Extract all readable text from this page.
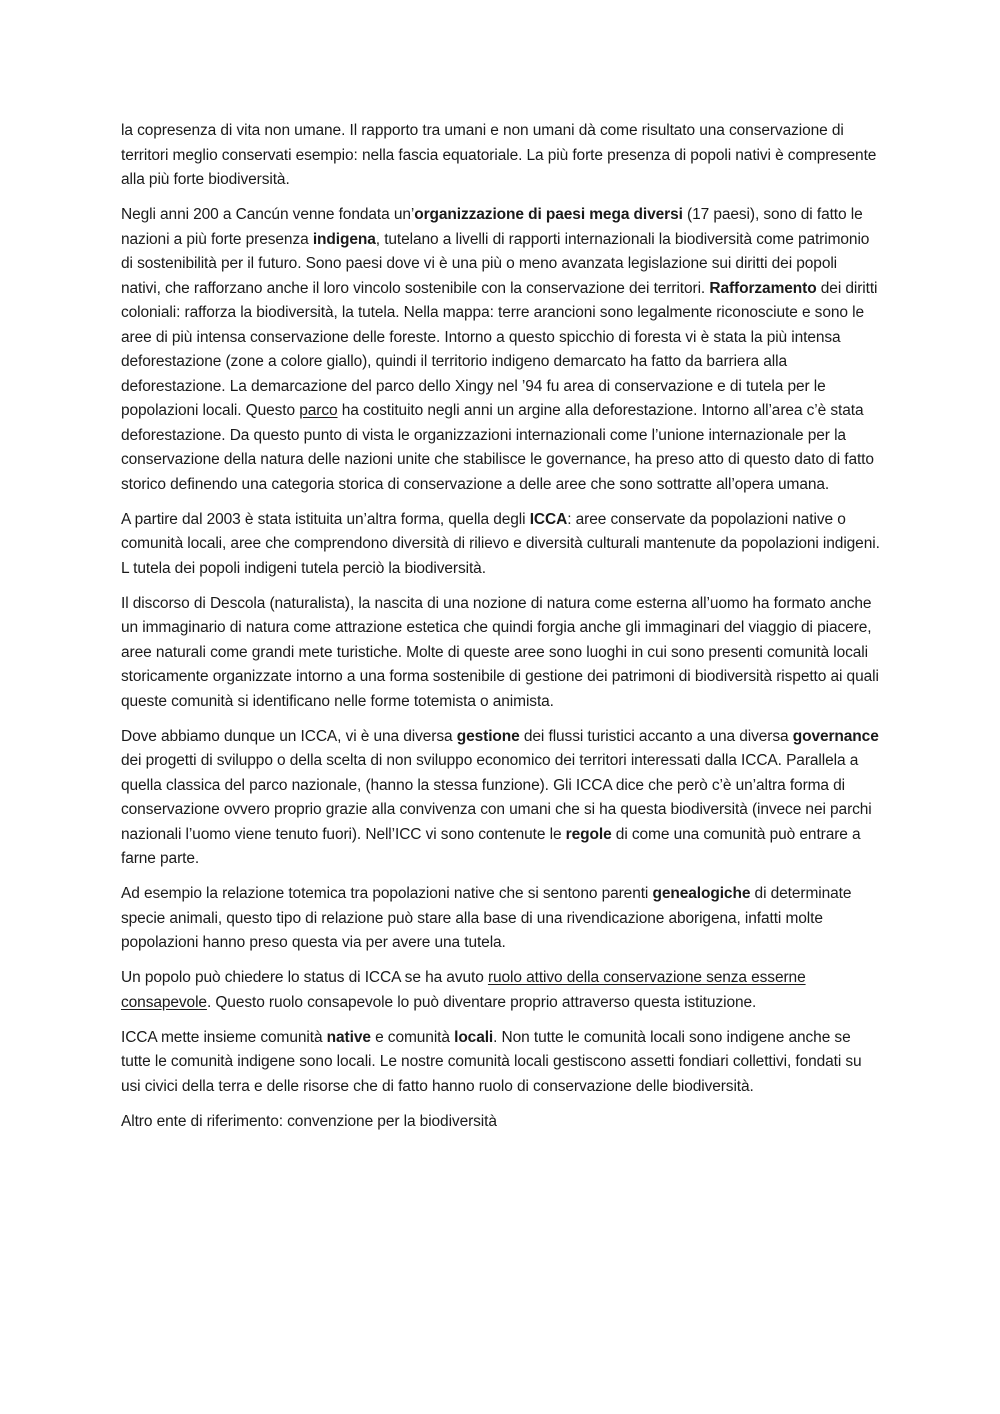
la copresenza di vita non umane. Il rapporto tra umani e non umani dà come risultato una conservazione di territori meglio conservati esempio: nella fascia equatoriale. La più forte presenza di popoli nativi è compresente alla più forte biodiversità.

Negli anni 200 a Cancún venne fondata un’organizzazione di paesi mega diversi (17 paesi), sono di fatto le nazioni a più forte presenza indigena, tutelano a livelli di rapporti internazionali la biodiversità come patrimonio di sostenibilità per il futuro. Sono paesi dove vi è una più o meno avanzata legislazione sui diritti dei popoli nativi, che rafforzano anche il loro vincolo sostenibile con la conservazione dei territori. Rafforzamento dei diritti coloniali: rafforza la biodiversità, la tutela. Nella mappa: terre arancioni sono legalmente riconosciute e sono le aree di più intensa conservazione delle foreste. Intorno a questo spicchio di foresta vi è stata la più intensa deforestazione (zone a colore giallo), quindi il territorio indigeno demarcato ha fatto da barriera alla deforestazione. La demarcazione del parco dello Xingy nel ’94 fu area di conservazione e di tutela per le popolazioni locali. Questo parco ha costituito negli anni un argine alla deforestazione. Intorno all’area c’è stata deforestazione. Da questo punto di vista le organizzazioni internazionali come l’unione internazionale per la conservazione della natura delle nazioni unite che stabilisce le governance, ha preso atto di questo dato di fatto storico definendo una categoria storica di conservazione a delle aree che sono sottratte all’opera umana.

A partire dal 2003 è stata istituita un’altra forma, quella degli ICCA: aree conservate da popolazioni native o comunità locali, aree che comprendono diversità di rilievo e diversità culturali mantenute da popolazioni indigeni. L tutela dei popoli indigeni tutela perciò la biodiversità.

Il discorso di Descola (naturalista), la nascita di una nozione di natura come esterna all’uomo ha formato anche un immaginario di natura come attrazione estetica che quindi forgia anche gli immaginari del viaggio di piacere, aree naturali come grandi mete turistiche. Molte di queste aree sono luoghi in cui sono presenti comunità locali storicamente organizzate intorno a una forma sostenibile di gestione dei patrimoni di biodiversità rispetto ai quali queste comunità si identificano nelle forme totemista o animista.

Dove abbiamo dunque un ICCA, vi è una diversa gestione dei flussi turistici accanto a una diversa governance dei progetti di sviluppo o della scelta di non sviluppo economico dei territori interessati dalla ICCA. Parallela a quella classica del parco nazionale, (hanno la stessa funzione). Gli ICCA dice che però c’è un’altra forma di conservazione ovvero proprio grazie alla convivenza con umani che si ha questa biodiversità (invece nei parchi nazionali l’uomo viene tenuto fuori). Nell’ICC vi sono contenute le regole di come una comunità può entrare a farne parte.

Ad esempio la relazione totemica tra popolazioni native che si sentono parenti genealogiche di determinate specie animali, questo tipo di relazione può stare alla base di una rivendicazione aborigena, infatti molte popolazioni hanno preso questa via per avere una tutela.

Un popolo può chiedere lo status di ICCA se ha avuto ruolo attivo della conservazione senza esserne consapevole. Questo ruolo consapevole lo può diventare proprio attraverso questa istituzione.

ICCA mette insieme comunità native e comunità locali. Non tutte le comunità locali sono indigene anche se tutte le comunità indigene sono locali. Le nostre comunità locali gestiscono assetti fondiari collettivi, fondati su usi civici della terra e delle risorse che di fatto hanno ruolo di conservazione delle biodiversità.

Altro ente di riferimento: convenzione per la biodiversità
